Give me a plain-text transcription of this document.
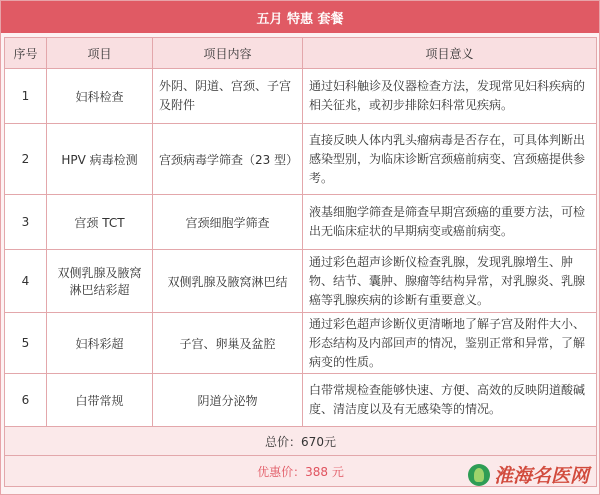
五月 特惠 套餐
序号	项目	项目内容	项目意义
1	妇科检查	外阴、阴道、宫颈、子宫及附件	通过妇科触诊及仪器检查方法，发现常见妇科疾病的相关征兆，或初步排除妇科常见疾病。
2	HPV 病毒检测	宫颈病毒学筛查（23 型）	直接反映人体内乳头瘤病毒是否存在，可具体判断出感染型别，为临床诊断宫颈癌前病变、宫颈癌提供参考。
3	宫颈 TCT	宫颈细胞学筛查	液基细胞学筛查是筛查早期宫颈癌的重要方法，可检出无临床症状的早期病变或癌前病变。
4	双侧乳腺及腋窝淋巴结彩超	双侧乳腺及腋窝淋巴结	通过彩色超声诊断仪检查乳腺，发现乳腺增生、肿物、结节、囊肿、腺瘤等结构异常，对乳腺炎、乳腺癌等乳腺疾病的诊断有重要意义。
5	妇科彩超	子宫、卵巢及盆腔	通过彩色超声诊断仪更清晰地了解子宫及附件大小、形态结构及内部回声的情况，鉴别正常和异常，了解病变的性质。
6	白带常规	阴道分泌物	白带常规检查能够快速、方便、高效的反映阴道酸碱度、清洁度以及有无感染等的情况。
总价：670元			
优惠价：388 元				淮海名医网
